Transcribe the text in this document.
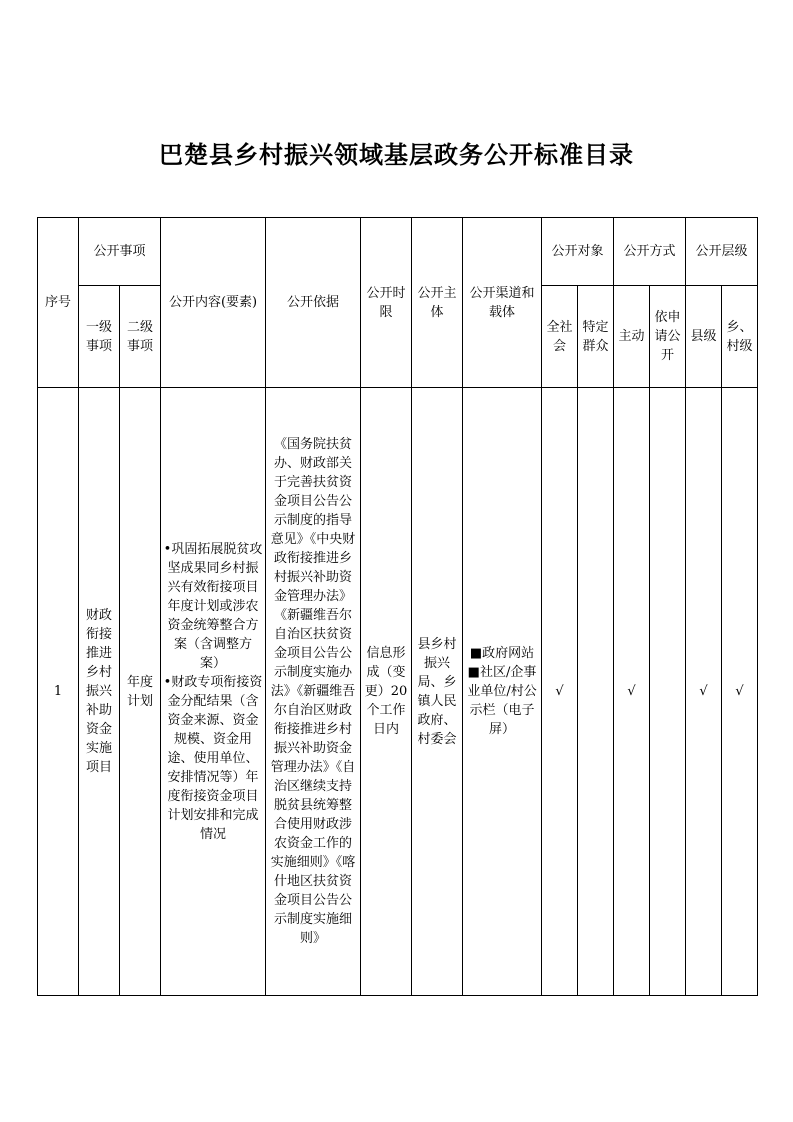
巴楚县乡村振兴领域基层政务公开标准目录
序号	公开事项		公开内容(要素)	公开依据	公开时限	公开主体	公开渠道和载体	公开对象		公开方式		公开层级	
	一级事项	二级事项						全社会	特定群众	主动	依申请公开	县级	乡、村级
1	财政衔接推进乡村振兴补助资金实施项目	年度计划	•巩固拓展脱贫攻坚成果同乡村振兴有效衔接项目年度计划或涉农资金统筹整合方案（含调整方案）
•财政专项衔接资金分配结果（含资金来源、资金规模、资金用途、使用单位、安排情况等）年度衔接资金项目计划安排和完成情况	《国务院扶贫办、财政部关于完善扶贫资金项目公告公示制度的指导意见》《中央财政衔接推进乡村振兴补助资金管理办法》《新疆维吾尔自治区扶贫资金项目公告公示制度实施办法》《新疆维吾尔自治区财政衔接推进乡村振兴补助资金管理办法》《自治区继续支持脱贫县统筹整合使用财政涉农资金工作的实施细则》《喀什地区扶贫资金项目公告公示制度实施细则》	信息形成（变更）20个工作日内	县乡村振兴局、乡镇人民政府、村委会	■政府网站
■社区/企事业单位/村公示栏（电子屏）	√		√		√	√
